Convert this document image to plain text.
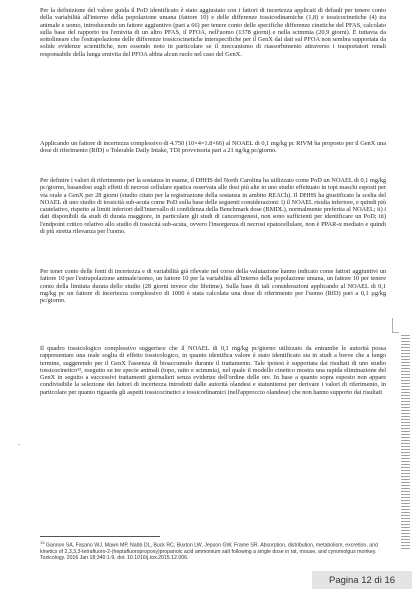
Per la definizione del valore guida il PoD identificato è stato aggiustato con i fattori di incertezza applicati di default per tenere conto della variabilità all'interno della popolazione umana (fattore 10) e delle differenze tossicodinamiche (1,8) e tossicocinetiche (4) tra animale e uomo, introducendo un fattore aggiuntivo (pari a 66) per tenere conto delle specifiche differenze cinetiche del PFAS, calcolato sulla base del rapporto tra l'emivita di un altro PFAS, il PFOA, nell'uomo (1378 giorni) e nella scimmia (20,9 giorni). È tuttavia da sottolineare che l'estrapolazione delle differenze tossicocinetiche interspecifiche per il GenX dai dati sul PFOA non sembra supportata da solide evidenze scientifiche, non essendo noto in particolare se il meccanismo di riassorbimento attraverso i trasportatori renali responsabile della lunga emivita del PFOA abbia alcun ruolo nel caso del GenX.

Applicando un fattore di incertezza complessivo di 4.750 (10×4×1.8×66) al NOAEL di 0,1 mg/kg pc RIVM ha proposto per il GenX una dose di riferimento (RfD) o Tolerable Daily Intake, TDI provvisoria pari a 21 ng/kg pc/giorno.

Per definire i valori di riferimento per la sostanza in esame, il DHHS del North Carolina ha utilizzato come PoD un NOAEL di 0,1 mg/kg pc/giorno, basandosi sugli effetti di necrosi cellulare epatica osservata alle dosi più alte in uno studio effettuato in topi maschi esposti per via orale a GenX per 28 giorni (studio citato per la registrazione della sostanza in ambito REACh). Il DHHS ha giustificato la scelta del NOAEL di uno studio di tossicità sub-acuta come PoD sulla base delle seguenti considerazioni: i) il NOAEL risulta inferiore, e quindi più cautelativo, rispetto ai limiti inferiori dell'intervallo di confidenza della Benchmark dose (BMDL), normalmente preferita al NOAEL; ii) i dati disponibili da studi di durata maggiore, in particolare gli studi di cancerogenesi, non sono sufficienti per identificare un PoD; iii) l'endpoint critico relativo allo studio di tossicità sub-acuta, ovvero l'insorgenza di necrosi epatocellulare, non è PPAR-α mediato e quindi di più stretta rilevanza per l'uomo.

Per tener conto delle fonti di incertezza e di variabilità già rilevate nel corso della valutazione hanno indicato come fattori aggiuntivi un fattore 10 per l'estrapolazione animale/uomo, un fattore 10 per la variabilità all'interno della popolazione umana, un fattore 10 per tenere conto della limitata durata dello studio (28 giorni invece che lifetime). Sulla base di tali considerazioni applicando al NOAEL di 0,1 mg/kg pc un fattore di incertezza complessivo di 1000 è stata calcolata una dose di riferimento per l'uomo (RfD) pari a 0,1 µg/kg pc/giorno.

Il quadro tossicologico complessivo suggerisce che il NOAEL di 0,1 mg/kg pc/giorno utilizzato da entrambe le autorità possa rappresentare una reale soglia di effetto tossicologico, in quanto identifica valore è stato identificato sia in studi a breve che a lungo termine, suggerendo per il GenX l'assenza di bioaccumulo durante il trattamento. Tale ipotesi è supportata dai risultati di uno studio tossicocinetico¹³, eseguito su tre specie animali (topo, ratto e scimmia), nel quale il modello cinetico mostra una rapida eliminazione del GenX in seguito a successivi trattamenti giornalieri senza evidenze dell'ordine delle ore. In base a quanto sopra esposto non appare condivisibile la selezione dei fattori di incertezza introdotti dalle autorità olandesi e statunitensi per derivare i valori di riferimento, in particolare per quanto riguarda gli aspetti tossicocinetici e tossicodinamici (nell'approccio olandese) che non hanno supporto dai risultati

.

$^{13}$ Gannon SA, Fasano WJ, Mawn MP, Nabb DL, Buck RC, Buxton LW, Jepson GW, Frame SR. Absorption, distribution, metabolism, excretion, and kinetics of 2,3,3,3-tetrafluoro-2-(heptafluoropropoxy)propanoic acid ammonium salt following a single dose in rat, mouse, and cynomolgus monkey. Toxicology. 2016 Jan 18;340:1-9. doi: 10.1016/j.tox.2015.12.006.

Pagina 12 di 16
